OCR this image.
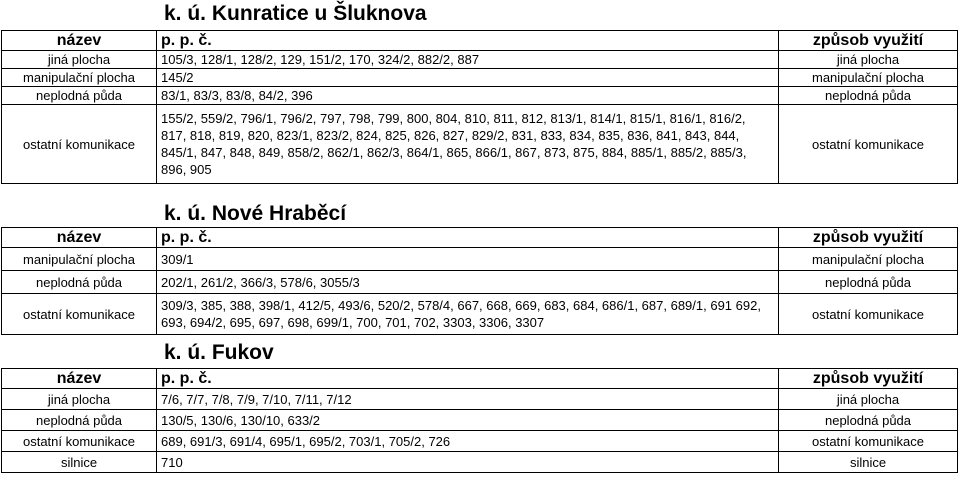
k. ú. Kunratice u Šluknova
název	p. p. č.	způsob využití
jiná plocha	105/3, 128/1, 128/2, 129, 151/2, 170, 324/2, 882/2, 887	jiná plocha
manipulační plocha	145/2	manipulační plocha
neplodná půda	83/1, 83/3, 83/8, 84/2, 396	neplodná půda
ostatní komunikace	155/2, 559/2, 796/1, 796/2, 797, 798, 799, 800, 804, 810, 811, 812, 813/1, 814/1, 815/1, 816/1, 816/2, 817, 818, 819, 820, 823/1, 823/2, 824, 825, 826, 827, 829/2, 831, 833, 834, 835, 836, 841, 843, 844, 845/1, 847, 848, 849, 858/2, 862/1, 862/3, 864/1, 865, 866/1, 867, 873, 875, 884, 885/1, 885/2, 885/3, 896, 905	ostatní komunikace
k. ú. Nové Hraběcí
název	p. p. č.	způsob využití
manipulační plocha	309/1	manipulační plocha
neplodná půda	202/1, 261/2, 366/3, 578/6, 3055/3	neplodná půda
ostatní komunikace	309/3, 385, 388, 398/1, 412/5, 493/6, 520/2, 578/4, 667, 668, 669, 683, 684, 686/1, 687, 689/1, 691 692, 693, 694/2, 695, 697, 698, 699/1, 700, 701, 702, 3303, 3306, 3307	ostatní komunikace
k. ú. Fukov
název	p. p. č.	způsob využití
jiná plocha	7/6, 7/7, 7/8, 7/9, 7/10, 7/11, 7/12	jiná plocha
neplodná půda	130/5, 130/6, 130/10, 633/2	neplodná půda
ostatní komunikace	689, 691/3, 691/4, 695/1, 695/2, 703/1, 705/2, 726	ostatní komunikace
silnice	710	silnice
